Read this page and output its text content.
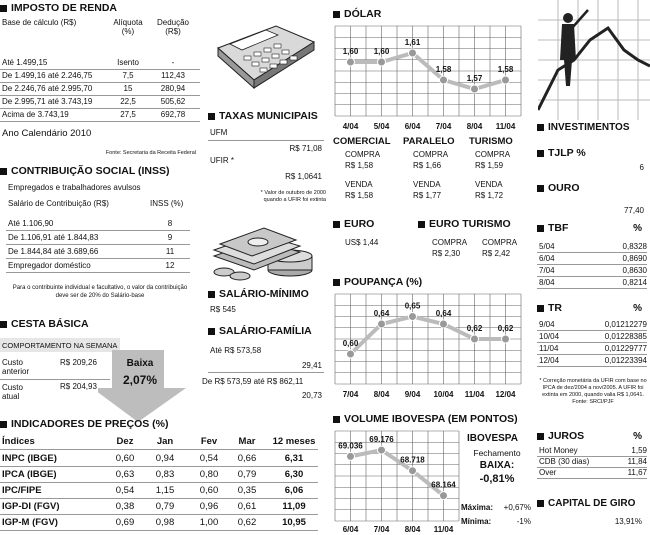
IMPOSTO DE RENDA
Base de cálculo (R$)	Alíquota (%)
Dedução (R$)
Até 1.499,15	Isento	-
De 1.499,16 até 2.246,75	7,5	112,43
De 2.246,76 até 2.995,70	15	280,94
De 2.995,71 até 3.743,19	22,5	505,62
Acima de 3.743,19	27,5	692,78
Ano Calendário 2010
Fonte: Secretaria da Receita Federal
CONTRIBUIÇÃO SOCIAL (INSS)
Empregados e trabalhadores avulsos
Salário de Contribuição (R$)	INSS (%)
Até 1.106,90	8
De 1.106,91 até 1.844,83	9
De 1.844,84 até 3.689,66	11
Empregador doméstico	12
Para o contribuinte individual e facultativo, o valor da contribuição deve ser de 20% do Salário-base
CESTA BÁSICA
COMPORTAMENTO NA SEMANA
Custo anterior
R$ 209,26
Custo atual
R$ 204,93
Baixa
2,07%
INDICADORES DE PREÇOS (%)
Índices	Dez	Jan	Fev	Mar	12 meses
INPC (IBGE)	0,60	0,94	0,54	0,66	6,31
IPCA (IBGE)	0,63	0,83	0,80	0,79	6,30
IPC/FIPE	0,54	1,15	0,60	0,35	6,06
IGP-DI (FGV)	0,38	0,79	0,96	0,61	11,09
IGP-M (FGV)	0,69	0,98	1,00	0,62	10,95
TAXAS MUNICIPAIS
UFM
R$ 71,08
UFIR *
R$ 1,0641
* Valor de outubro de 2000 quando a UFIR foi extinta
SALÁRIO-MÍNIMO
R$ 545
SALÁRIO-FAMÍLIA
Até R$ 573,58
29,41
De R$ 573,59 até R$ 862,11
20,73
DÓLAR
1,60
4/04
1,60
5/04
1,61
6/04
1,58
7/04
1,57
8/04
1,58
11/04
COMERCIAL PARALELO TURISMO
COMPRA	COMPRA	COMPRA
R$ 1,58	R$ 1,66	R$ 1,59
VENDA	VENDA	VENDA
R$ 1,58	R$ 1,77	R$ 1,72
EURO
US$ 1,44
EURO TURISMO
COMPRA COMPRA
R$ 2,30	R$ 2,42
POUPANÇA (%)
0,60
7/04
0,64
8/04
0,65
9/04
0,64
10/04
0,62
11/04
0,62
12/04
VOLUME IBOVESPA (EM PONTOS)
69.036
6/04
69.176
7/04
68.718
8/04
68.164
11/04
IBOVESPA
Fechamento
BAIXA:
-0,81%
Máxima: +0,67%
Mínima:	-1%
INVESTIMENTOS
TJLP %
6
OURO
77,40
TBF	%
5/04	0,8328
6/04	0,8690
7/04	0,8630
8/04	0,8214
TR	%
9/04	0,01212279
10/04	0,01228385
11/04	0,01229777
12/04	0,01223394
* Correção monetária da UFIR com base no IPCA de dez/2004 a nov/2005. A UFIR foi extinta em 2000, quando valia R$ 1,0641. Fonte: SRCI/PJF
JUROS	%
Hot Money	1,59
CDB (30 dias)	11,84
Over	11,67
CAPITAL DE GIRO
13,91%
